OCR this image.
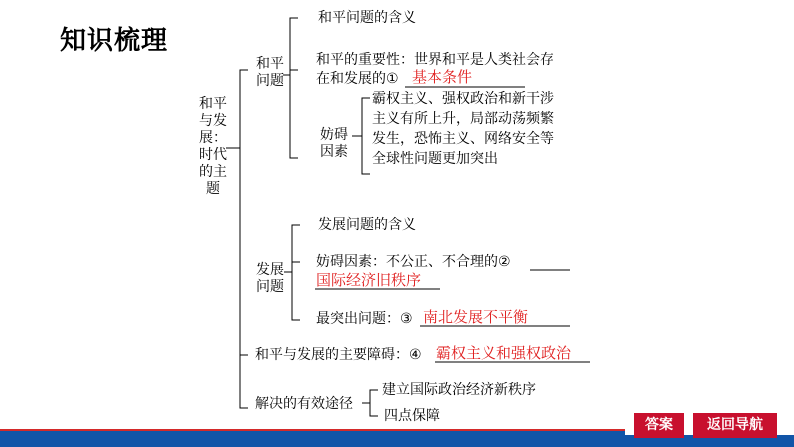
知识梳理
和平
与发
展：
时代
的主
题
和平
问题
和平问题的含义
和平的重要性：世界和平是人类社会存
在和发展的① 基本条件
妨碍
因素
霸权主义、强权政治和新干涉
主义有所上升，局部动荡频繁
发生，恐怖主义、网络安全等
全球性问题更加突出
发展
问题
发展问题的含义
妨碍因素：不公正、不合理的②
国际经济旧秩序
最突出问题：③ 南北发展不平衡
和平与发展的主要障碍：④ 霸权主义和强权政治
解决的有效途径
建立国际政治经济新秩序
四点保障
答案	返回导航
